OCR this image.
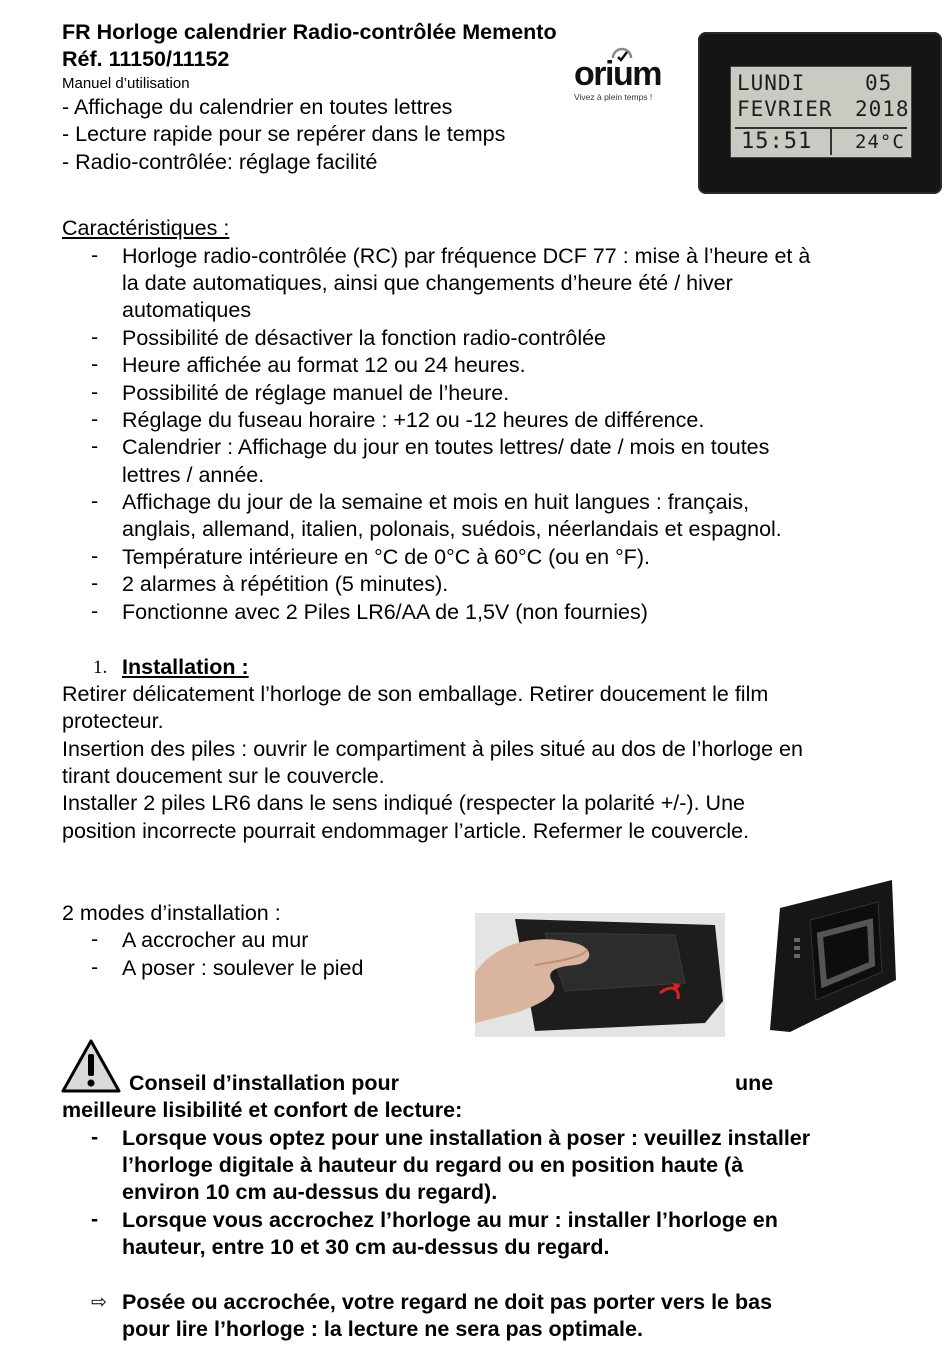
FR Horloge calendrier Radio-contrôlée Memento
Réf. 11150/11152
Manuel d’utilisation
- Affichage du calendrier en toutes lettres
- Lecture rapide pour se repérer dans le temps
- Radio-contrôlée: réglage facilité
orium
Vivez à plein temps !
LUNDI	05
FEVRIER 2018
15:51 24°C
Caractéristiques :
- Horloge radio-contrôlée (RC) par fréquence DCF 77 : mise à l’heure et à
la date automatiques, ainsi que changements d’heure été / hiver
automatiques
- Possibilité de désactiver la fonction radio-contrôlée
- Heure affichée au format 12 ou 24 heures.
- Possibilité de réglage manuel de l’heure.
- Réglage du fuseau horaire : +12 ou -12 heures de différence.
- Calendrier : Affichage du jour en toutes lettres/ date / mois en toutes
lettres / année.
- Affichage du jour de la semaine et mois en huit langues : français,
anglais, allemand, italien, polonais, suédois, néerlandais et espagnol.
- Température intérieure en °C de 0°C à 60°C (ou en °F).
- 2 alarmes à répétition (5 minutes).
- Fonctionne avec 2 Piles LR6/AA de 1,5V (non fournies)
1. Installation :
Retirer délicatement l’horloge de son emballage. Retirer doucement le film
protecteur.
Insertion des piles : ouvrir le compartiment à piles situé au dos de l’horloge en
tirant doucement sur le couvercle.
Installer 2 piles LR6 dans le sens indiqué (respecter la polarité +/-). Une
position incorrecte pourrait endommager l’article. Refermer le couvercle.
2 modes d’installation :
- A accrocher au mur
- A poser : soulever le pied
Conseil d’installation pour	une
meilleure lisibilité et confort de lecture:
- Lorsque vous optez pour une installation à poser : veuillez installer
l’horloge digitale à hauteur du regard ou en position haute (à
environ 10 cm au-dessus du regard).
- Lorsque vous accrochez l’horloge au mur : installer l’horloge en
hauteur, entre 10 et 30 cm au-dessus du regard.
⇨ Posée ou accrochée, votre regard ne doit pas porter vers le bas
pour lire l’horloge : la lecture ne sera pas optimale.
